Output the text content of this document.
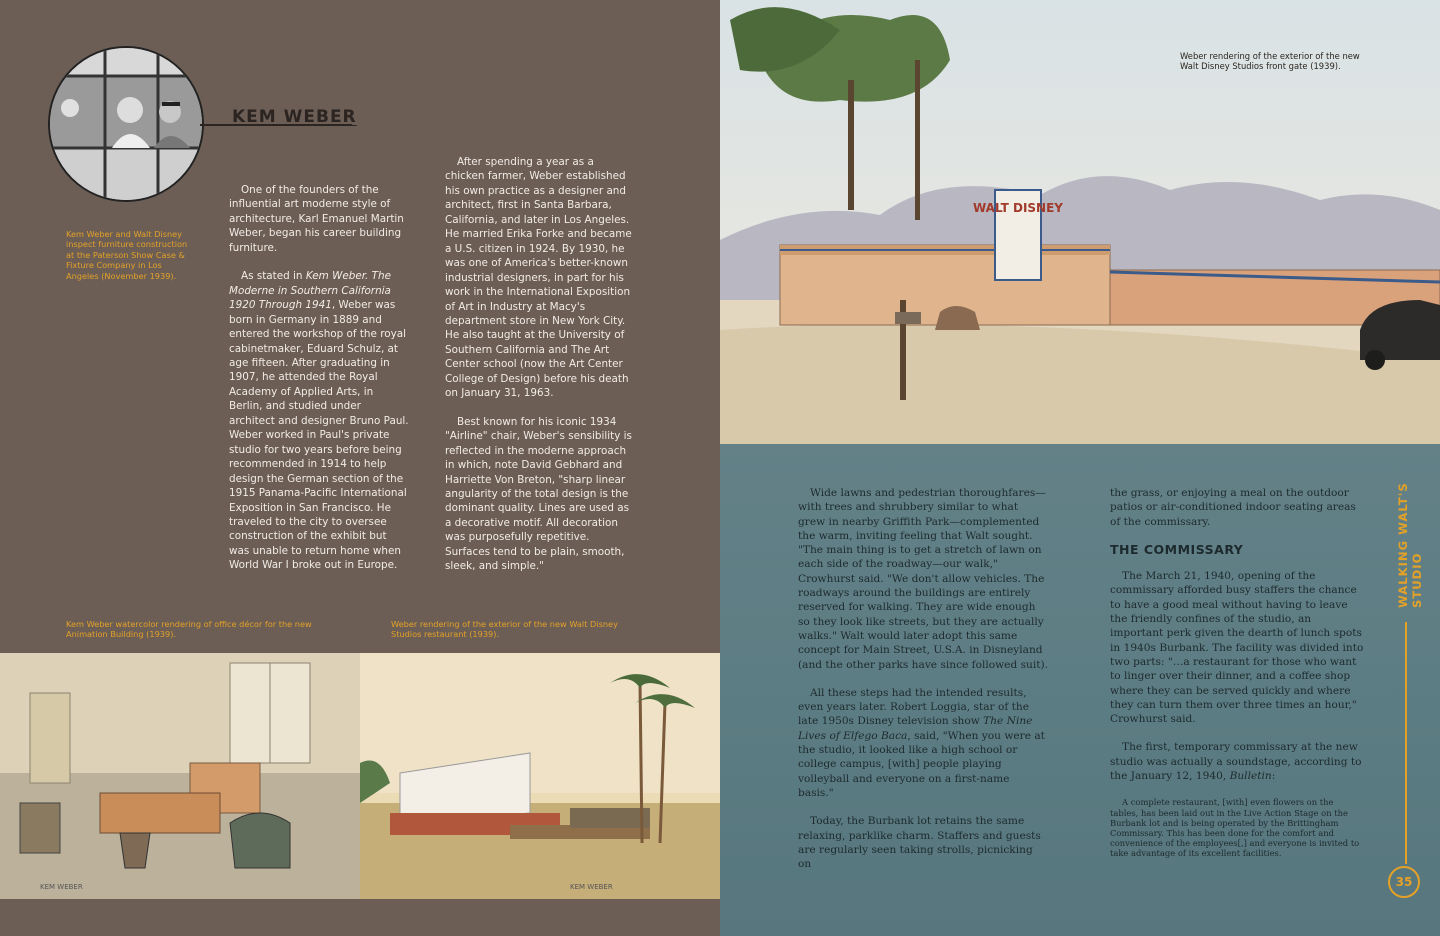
KEM WEBER
Kem Weber and Walt Disney inspect furniture construction at the Paterson Show Case & Fixture Company in Los Angeles (November 1939).

One of the founders of the influential art moderne style of architecture, Karl Emanuel Martin Weber, began his career building furniture.

As stated in Kem Weber. The Moderne in Southern California 1920 Through 1941, Weber was born in Germany in 1889 and entered the workshop of the royal cabinetmaker, Eduard Schulz, at age fifteen. After graduating in 1907, he attended the Royal Academy of Applied Arts, in Berlin, and studied under architect and designer Bruno Paul. Weber worked in Paul's private studio for two years before being recommended in 1914 to help design the German section of the 1915 Panama-Pacific International Exposition in San Francisco. He traveled to the city to oversee construction of the exhibit but was unable to return home when World War I broke out in Europe.

After spending a year as a chicken farmer, Weber established his own practice as a designer and architect, first in Santa Barbara, California, and later in Los Angeles. He married Erika Forke and became a U.S. citizen in 1924. By 1930, he was one of America's better-known industrial designers, in part for his work in the International Exposition of Art in Industry at Macy's department store in New York City. He also taught at the University of Southern California and The Art Center school (now the Art Center College of Design) before his death on January 31, 1963.

Best known for his iconic 1934 "Airline" chair, Weber's sensibility is reflected in the moderne approach in which, note David Gebhard and Harriette Von Breton, "sharp linear angularity of the total design is the dominant quality. Lines are used as a decorative motif. All decoration was purposefully repetitive. Surfaces tend to be plain, smooth, sleek, and simple."

Kem Weber watercolor rendering of office décor for the new Animation Building (1939).
Weber rendering of the exterior of the new Walt Disney Studios restaurant (1939).
KEM WEBER	KEM WEBER
WALT DISNEY
Weber rendering of the exterior of the new Walt Disney Studios front gate (1939).

Wide lawns and pedestrian thoroughfares—with trees and shrubbery similar to what grew in nearby Griffith Park—complemented the warm, inviting feeling that Walt sought. "The main thing is to get a stretch of lawn on each side of the roadway—our walk," Crowhurst said. "We don't allow vehicles. The roadways around the buildings are entirely reserved for walking. They are wide enough so they look like streets, but they are actually walks." Walt would later adopt this same concept for Main Street, U.S.A. in Disneyland (and the other parks have since followed suit).

All these steps had the intended results, even years later. Robert Loggia, star of the late 1950s Disney television show The Nine Lives of Elfego Baca, said, "When you were at the studio, it looked like a high school or college campus, [with] people playing volleyball and everyone on a first-name basis."

Today, the Burbank lot retains the same relaxing, parklike charm. Staffers and guests are regularly seen taking strolls, picnicking on

the grass, or enjoying a meal on the outdoor patios or air-conditioned indoor seating areas of the commissary.

THE COMMISSARY

The March 21, 1940, opening of the commissary afforded busy staffers the chance to have a good meal without having to leave the friendly confines of the studio, an important perk given the dearth of lunch spots in 1940s Burbank. The facility was divided into two parts: "…a restaurant for those who want to linger over their dinner, and a coffee shop where they can be served quickly and where they can turn them over three times an hour," Crowhurst said.

The first, temporary commissary at the new studio was actually a soundstage, according to the January 12, 1940, Bulletin:

A complete restaurant, [with] even flowers on the tables, has been laid out in the Live Action Stage on the Burbank lot and is being operated by the Brittingham Commissary. This has been done for the comfort and convenience of the employees[,] and everyone is invited to take advantage of its excellent facilities.

WALKING WALT'S STUDIO
35
